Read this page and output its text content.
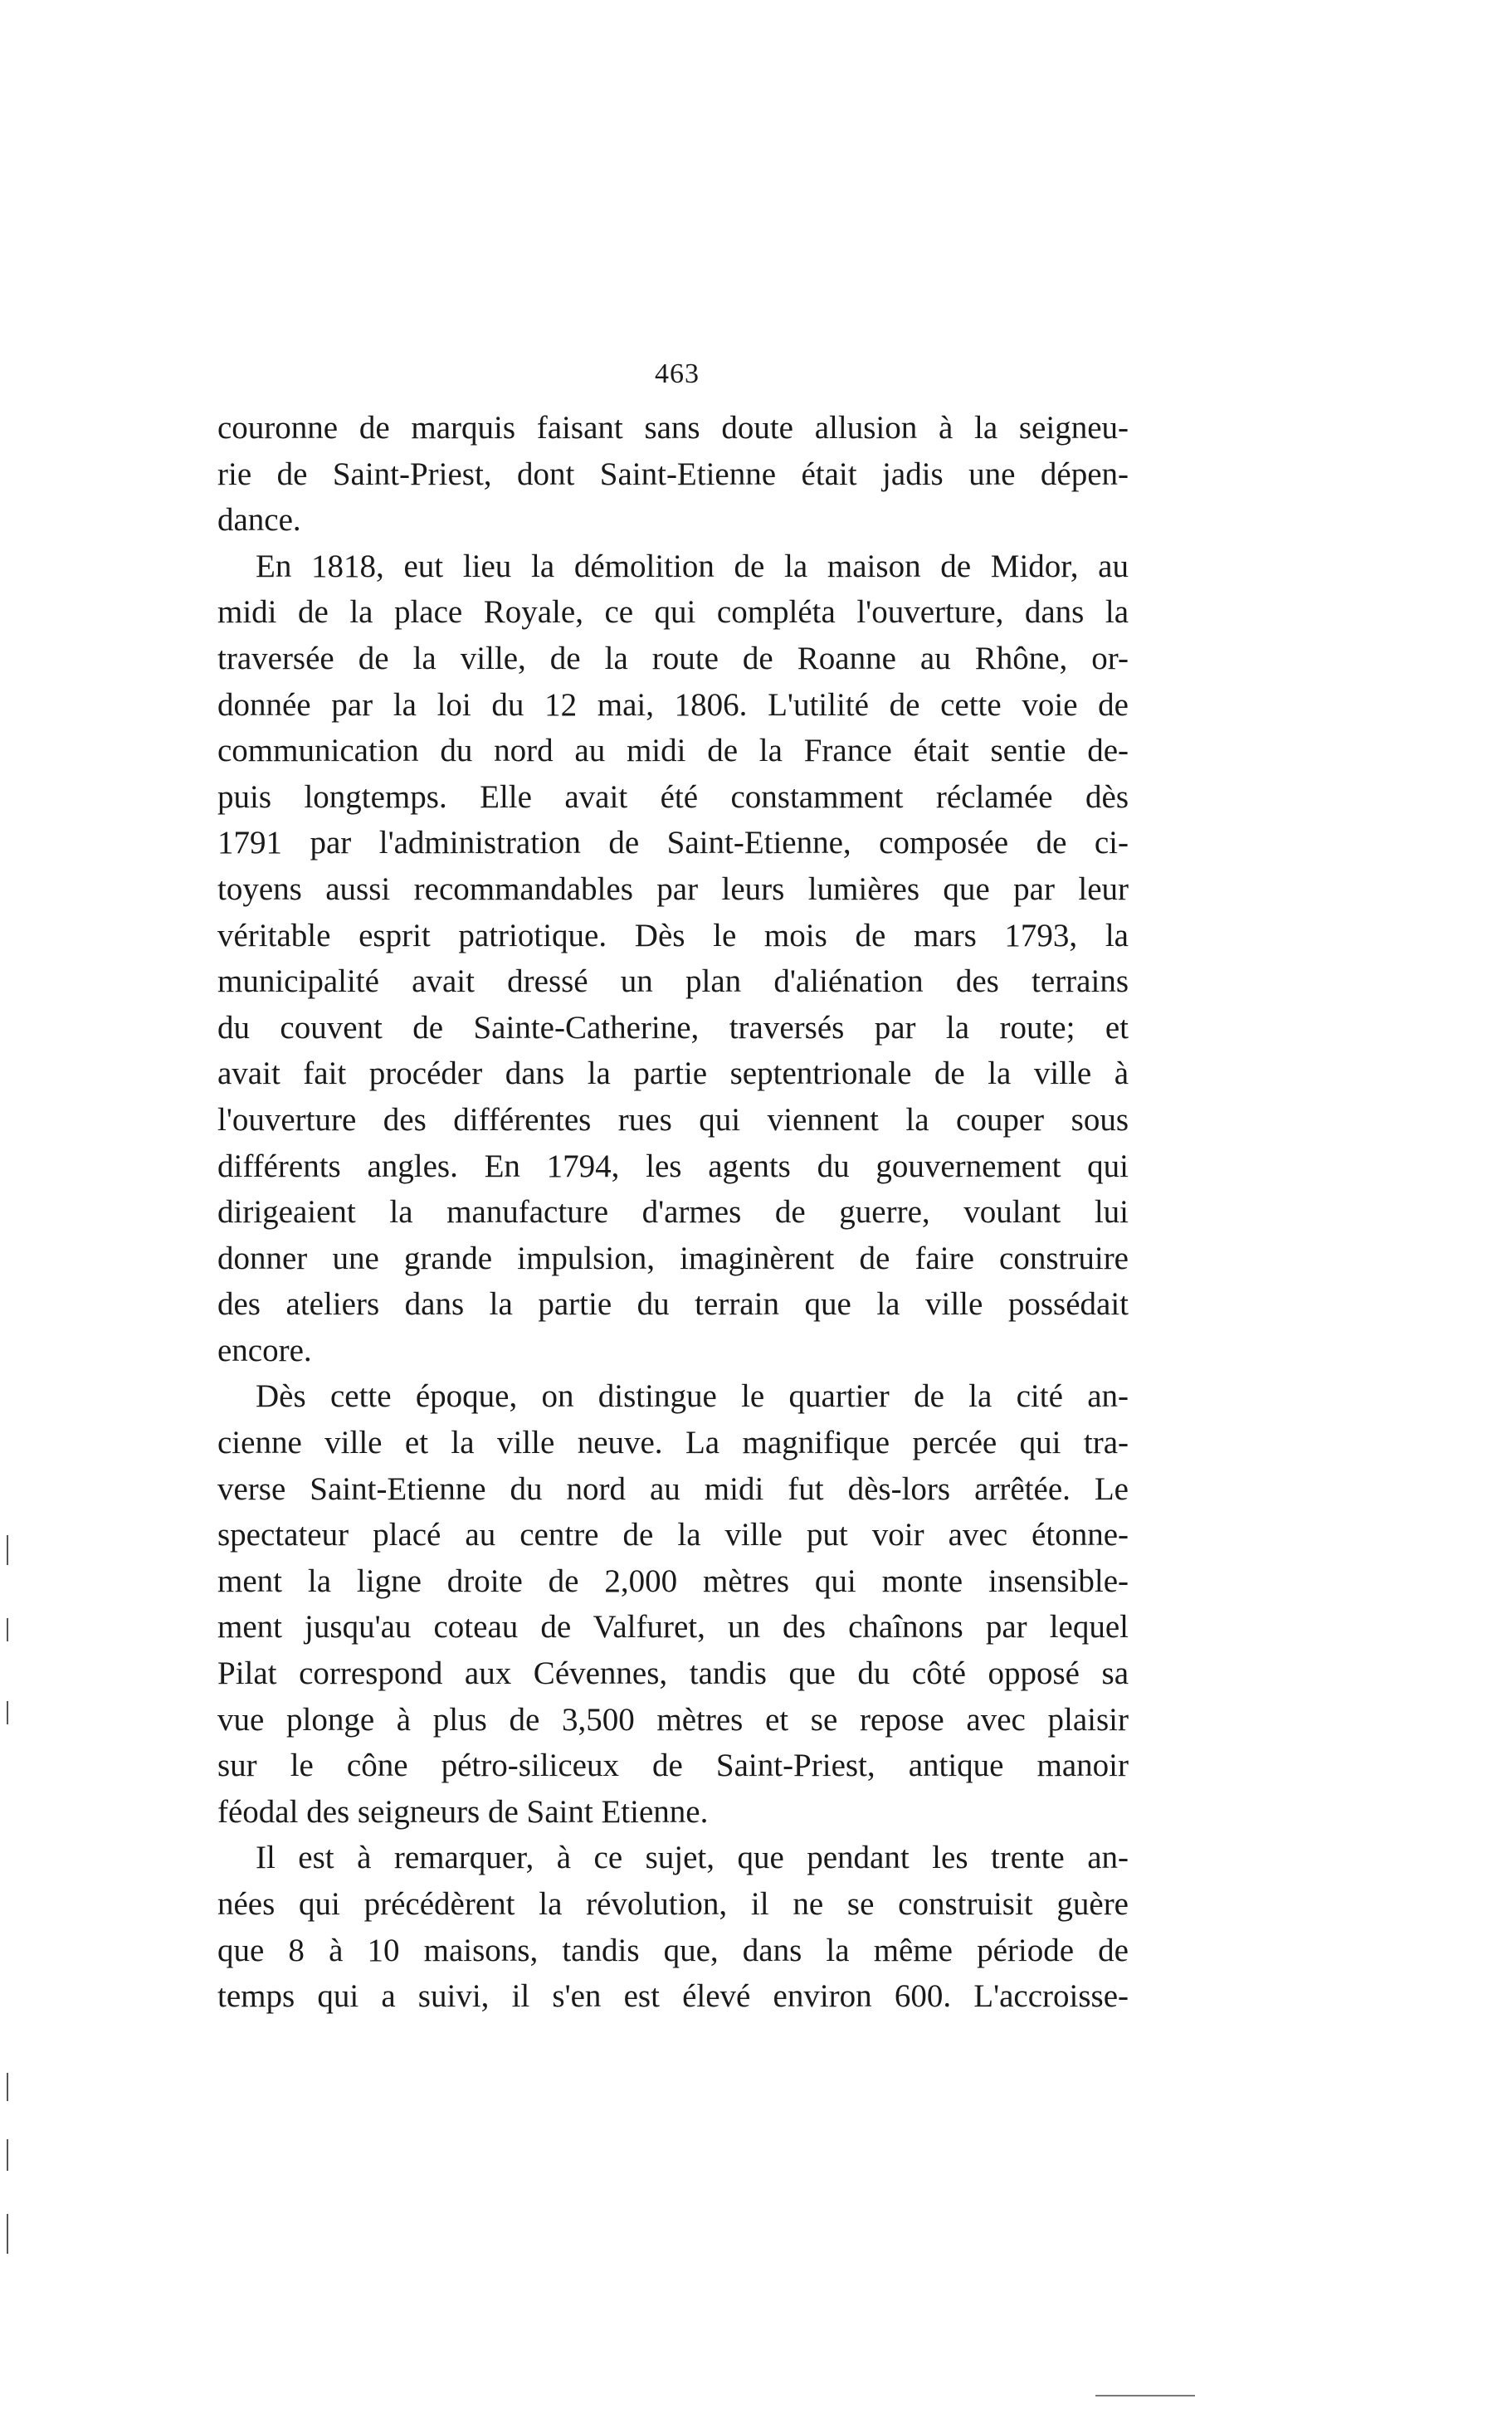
463
couronne de marquis faisant sans doute allusion à la seigneu-
rie de Saint-Priest, dont Saint-Etienne était jadis une dépen-
dance.
En 1818, eut lieu la démolition de la maison de Midor, au
midi de la place Royale, ce qui compléta l'ouverture, dans la
traversée de la ville, de la route de Roanne au Rhône, or-
donnée par la loi du 12 mai, 1806. L'utilité de cette voie de
communication du nord au midi de la France était sentie de-
puis longtemps. Elle avait été constamment réclamée dès
1791 par l'administration de Saint-Etienne, composée de ci-
toyens aussi recommandables par leurs lumières que par leur
véritable esprit patriotique. Dès le mois de mars 1793, la
municipalité avait dressé un plan d'aliénation des terrains
du couvent de Sainte-Catherine, traversés par la route; et
avait fait procéder dans la partie septentrionale de la ville à
l'ouverture des différentes rues qui viennent la couper sous
différents angles. En 1794, les agents du gouvernement qui
dirigeaient la manufacture d'armes de guerre, voulant lui
donner une grande impulsion, imaginèrent de faire construire
des ateliers dans la partie du terrain que la ville possédait
encore.
Dès cette époque, on distingue le quartier de la cité an-
cienne ville et la ville neuve. La magnifique percée qui tra-
verse Saint-Etienne du nord au midi fut dès-lors arrêtée. Le
spectateur placé au centre de la ville put voir avec étonne-
ment la ligne droite de 2,000 mètres qui monte insensible-
ment jusqu'au coteau de Valfuret, un des chaînons par lequel
Pilat correspond aux Cévennes, tandis que du côté opposé sa
vue plonge à plus de 3,500 mètres et se repose avec plaisir
sur le cône pétro-siliceux de Saint-Priest, antique manoir
féodal des seigneurs de Saint Etienne.
Il est à remarquer, à ce sujet, que pendant les trente an-
nées qui précédèrent la révolution, il ne se construisit guère
que 8 à 10 maisons, tandis que, dans la même période de
temps qui a suivi, il s'en est élevé environ 600. L'accroisse-
